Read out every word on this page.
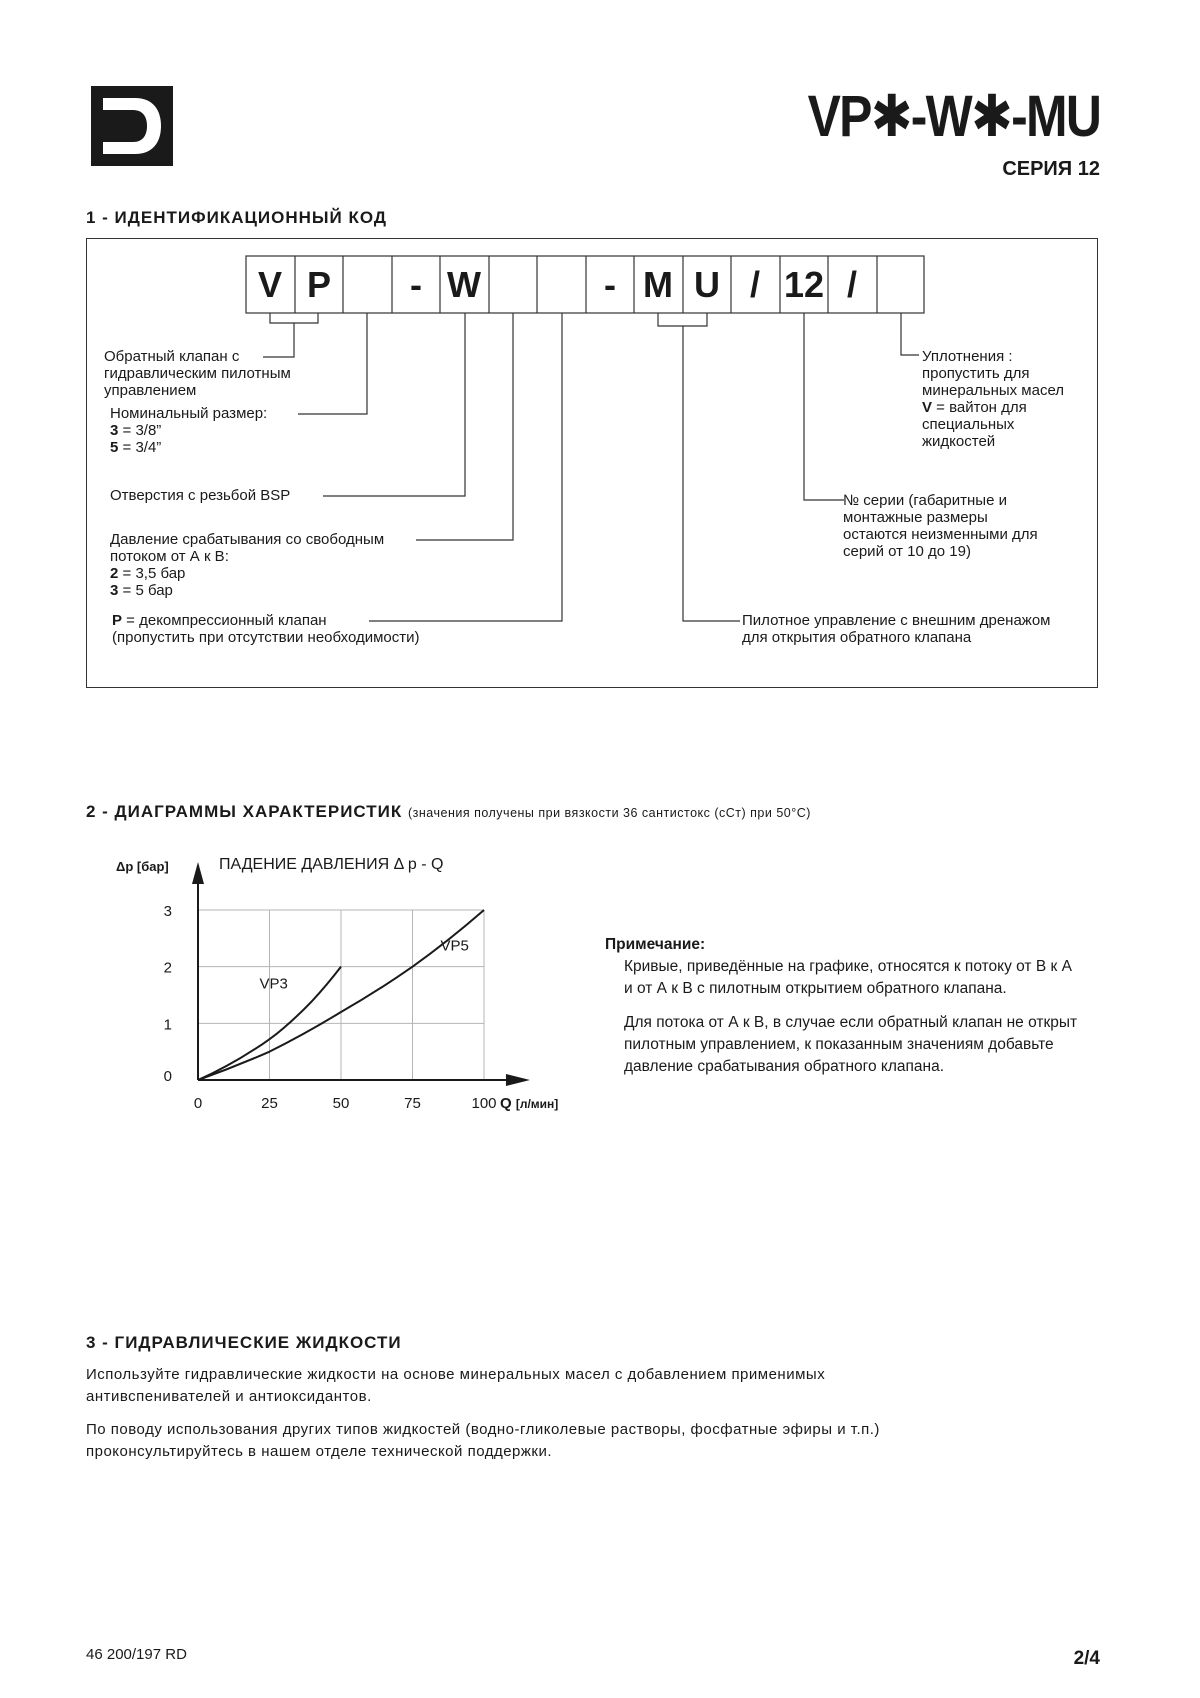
VP✱-W✱-MU
СЕРИЯ 12
1 - ИДЕНТИФИКАЦИОННЫЙ КОД
V P	- W	- M U / 12 /
Обратный клапан с
гидравлическим пилотным
управлением
Номинальный размер:
3 = 3/8”
5 = 3/4”
Отверстия с резьбой BSP
Давление срабатывания со свободным
потоком от А к В:
2 = 3,5 бар
3 = 5 бар
P = декомпрессионный клапан
(пропустить при отсутствии необходимости)
Уплотнения :
пропустить для
минеральных масел
V = вайтон для
специальных
жидкостей
№ серии (габаритные и
монтажные размеры
остаются неизменными для
серий от 10 до 19)
Пилотное управление с внешним дренажом
для открытия обратного клапана
2 - ДИАГРАММЫ ХАРАКТЕРИСТИК (значения получены при вязкости 36 сантистокс (сСт) при 50°C)
0	25	50	75	100
0
1
2
3
Δp [бар]
Q [л/мин]
ПАДЕНИЕ ДАВЛЕНИЯ Δ p - Q
VP3
VP5	Примечание:
Кривые, приведённые на графике, относятся к потоку от В к А
и от А к В с пилотным открытием обратного клапана.
Для потока от А к В, в случае если обратный клапан не открыт
пилотным управлением, к показанным значениям добавьте
давление срабатывания обратного клапана.
3 - ГИДРАВЛИЧЕСКИЕ ЖИДКОСТИ
Используйте гидравлические жидкости на основе минеральных масел с добавлением применимых
антивспенивателей и антиоксидантов.
По поводу использования других типов жидкостей (водно-гликолевые растворы, фосфатные эфиры и т.п.)
проконсультируйтесь в нашем отделе технической поддержки.
46 200/197 RD	2/4
